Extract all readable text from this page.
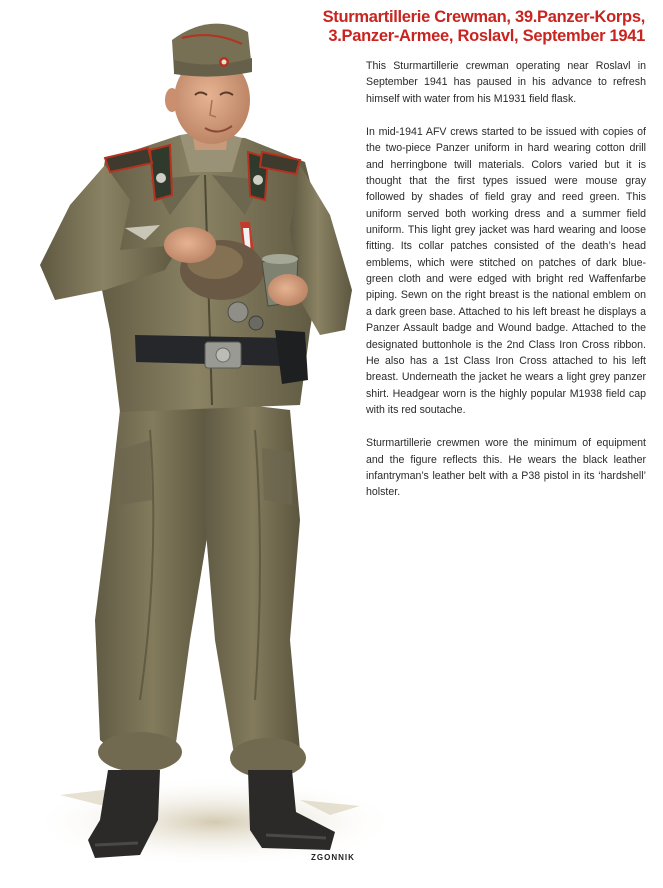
Sturmartillerie Crewman, 39.Panzer-Korps,
3.Panzer-Armee, Roslavl, September 1941

This Sturmartillerie crewman operating near Roslavl in September 1941 has paused in his advance to refresh himself with water from his M1931 field flask.

In mid-1941 AFV crews started to be issued with copies of the two-piece Panzer uniform in hard wearing cotton drill and herringbone twill materials. Colors varied but it is thought that the first types issued were mouse gray followed by shades of field gray and reed green. This uniform served both working dress and a summer field uniform. This light grey jacket was hard wearing and loose fitting. Its collar patches consisted of the death’s head emblems, which were stitched on patches of dark blue-green cloth and were edged with bright red Waffenfarbe piping. Sewn on the right breast is the national emblem on a dark green base. Attached to his left breast he displays a Panzer Assault badge and Wound badge. Attached to the designated buttonhole is the 2nd Class Iron Cross ribbon. He also has a 1st Class Iron Cross attached to his left breast. Underneath the jacket he wears a light grey panzer shirt. Headgear worn is the highly popular M1938 field cap with its red soutache.

Sturmartillerie crewmen wore the minimum of equipment and the figure reflects this. He wears the black leather infantryman’s leather belt with a P38 pistol in its ‘hardshell’ holster.

ZGONNIK
